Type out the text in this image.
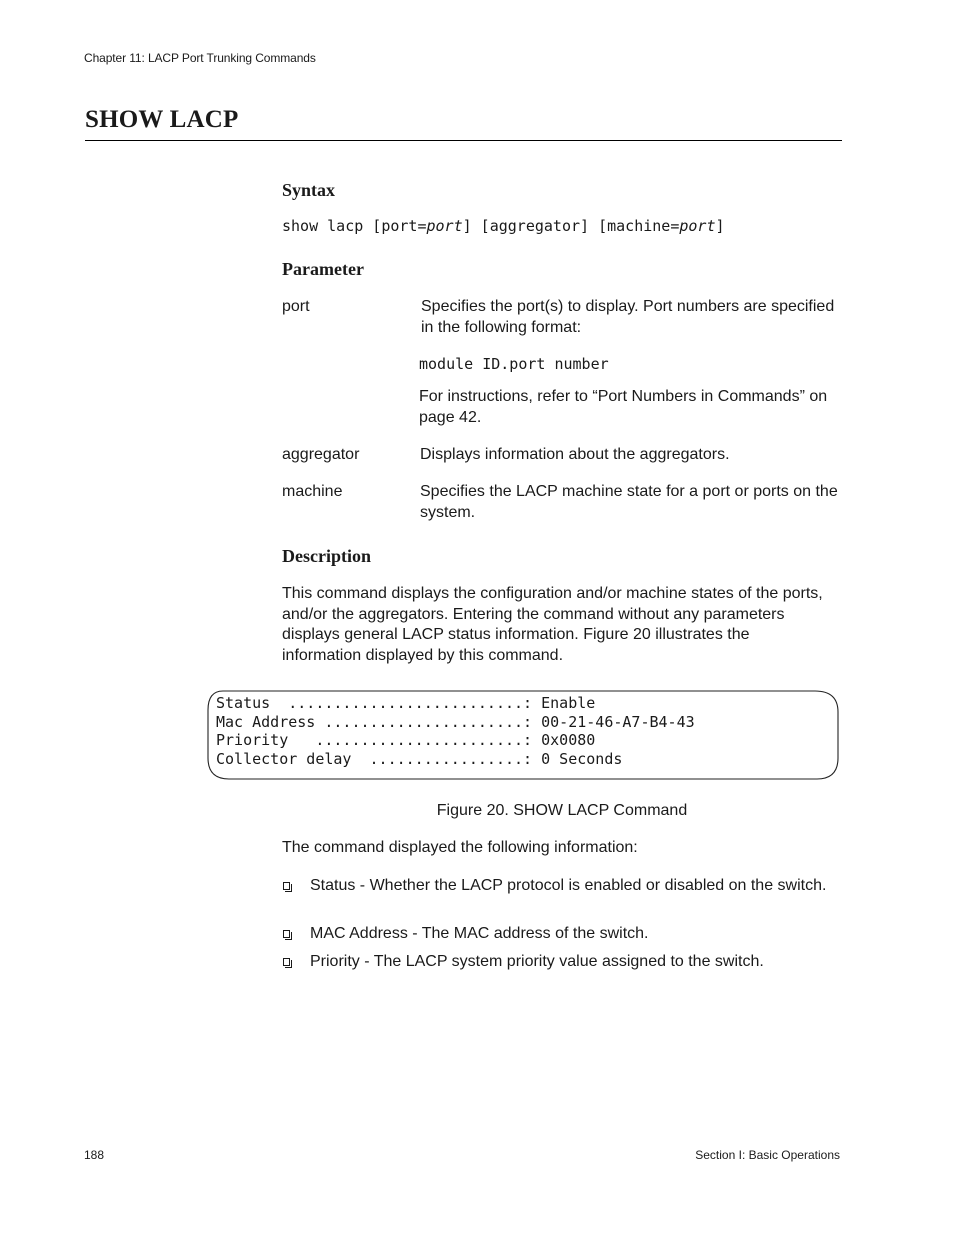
Chapter 11: LACP Port Trunking Commands
SHOW LACP
Syntax
show lacp [port=port] [aggregator] [machine=port]
Parameter
port	Specifies the port(s) to display. Port numbers are specified in the following format:
module ID.port number
For instructions, refer to “Port Numbers in Commands” on page 42.
aggregator	Displays information about the aggregators.
machine	Specifies the LACP machine state for a port or ports on the system.
Description
This command displays the configuration and/or machine states of the ports, and/or the aggregators. Entering the command without any parameters displays general LACP status information. Figure 20 illustrates the information displayed by this command.
Status  ..........................: Enable
Mac Address ......................: 00-21-46-A7-B4-43
Priority   .......................: 0x0080
Collector delay  .................: 0 Seconds
Figure 20. SHOW LACP Command
The command displayed the following information:
Status - Whether the LACP protocol is enabled or disabled on the switch.
MAC Address - The MAC address of the switch.
Priority - The LACP system priority value assigned to the switch.
188	Section I: Basic Operations
